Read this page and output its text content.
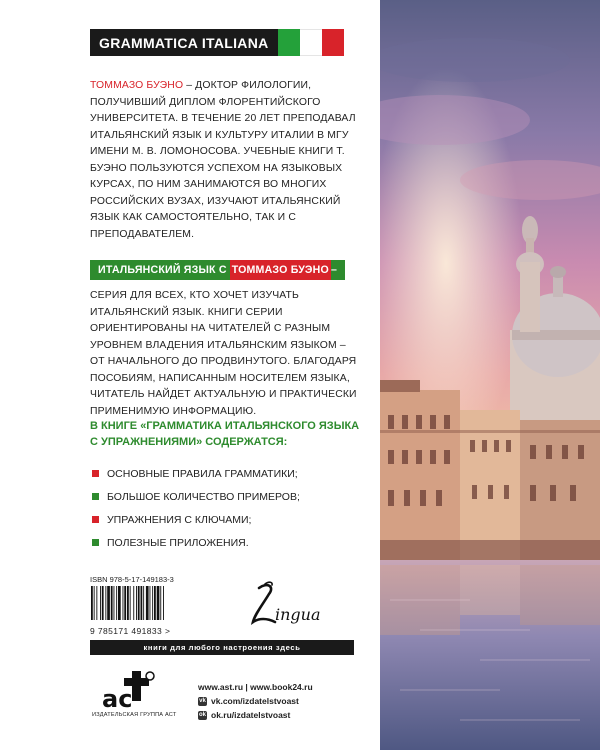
GRAMMATICA ITALIANA
ТОММАЗО БУЭНО – ДОКТОР ФИЛОЛОГИИ, ПОЛУЧИВШИЙ ДИПЛОМ ФЛОРЕНТИЙСКОГО УНИВЕРСИТЕТА. В ТЕЧЕНИЕ 20 ЛЕТ ПРЕПОДАВАЛ ИТАЛЬЯНСКИЙ ЯЗЫК И КУЛЬТУРУ ИТАЛИИ В МГУ ИМЕНИ М. В. ЛОМОНОСОВА. УЧЕБНЫЕ КНИГИ Т. БУЭНО ПОЛЬЗУЮТСЯ УСПЕХОМ НА ЯЗЫКОВЫХ КУРСАХ, ПО НИМ ЗАНИМАЮТСЯ ВО МНОГИХ РОССИЙСКИХ ВУЗАХ, ИЗУЧАЮТ ИТАЛЬЯНСКИЙ ЯЗЫК КАК САМОСТОЯТЕЛЬНО, ТАК И С ПРЕПОДАВАТЕЛЕМ.
ИТАЛЬЯНСКИЙ ЯЗЫК С ТОММАЗО БУЭНО –
СЕРИЯ ДЛЯ ВСЕХ, КТО ХОЧЕТ ИЗУЧАТЬ ИТАЛЬЯНСКИЙ ЯЗЫК. КНИГИ СЕРИИ ОРИЕНТИРОВАНЫ НА ЧИТАТЕЛЕЙ С РАЗНЫМ УРОВНЕМ ВЛАДЕНИЯ ИТАЛЬЯНСКИМ ЯЗЫКОМ – ОТ НАЧАЛЬНОГО ДО ПРОДВИНУТОГО. БЛАГОДАРЯ ПОСОБИЯМ, НАПИСАННЫМ НОСИТЕЛЕМ ЯЗЫКА, ЧИТАТЕЛЬ НАЙДЕТ АКТУАЛЬНУЮ И ПРАКТИЧЕСКИ ПРИМЕНИМУЮ ИНФОРМАЦИЮ.
В КНИГЕ «ГРАММАТИКА ИТАЛЬЯНСКОГО ЯЗЫКА С УПРАЖНЕНИЯМИ» СОДЕРЖАТСЯ:
ОСНОВНЫЕ ПРАВИЛА ГРАММАТИКИ;
БОЛЬШОЕ КОЛИЧЕСТВО ПРИМЕРОВ;
УПРАЖНЕНИЯ С КЛЮЧАМИ;
ПОЛЕЗНЫЕ ПРИЛОЖЕНИЯ.
ISBN 978-5-17-149183-3
9 785171 491833 >
ingua
книги для любого настроения здесь
ac
ИЗДАТЕЛЬСКАЯ ГРУППА АСТ
www.ast.ru | www.book24.ru
vk vk.com/izdatelstvoast
ok ok.ru/izdatelstvoast
